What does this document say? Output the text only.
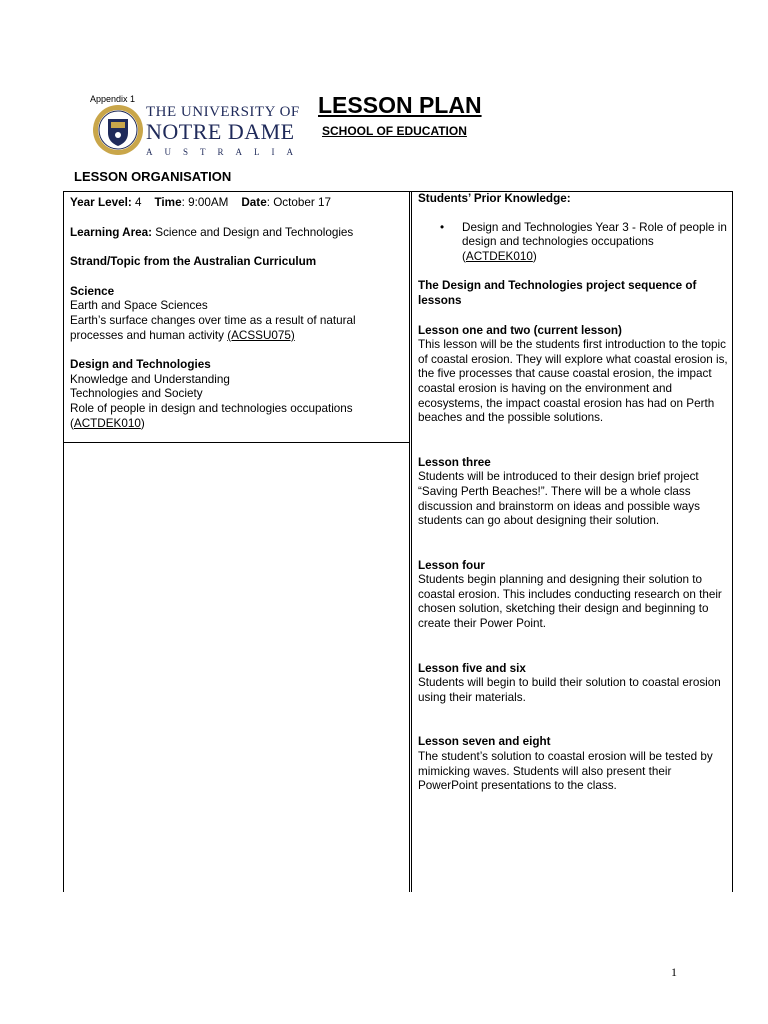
Appendix 1
THE UNIVERSITY OF
NOTRE DAME
AUSTRALIA
LESSON PLAN
SCHOOL OF EDUCATION
LESSON ORGANISATION

Year Level: 4 Time: 9:00AM Date: October 17

Learning Area: Science and Design and Technologies

Strand/Topic from the Australian Curriculum

Science

Earth and Space Sciences

Earth’s surface changes over time as a result of natural processes and human activity (ACSSU075)

Design and Technologies

Knowledge and Understanding

Technologies and Society

Role of people in design and technologies occupations

(ACTDEK010)

Students’ Prior Knowledge:

• Design and Technologies Year 3 - Role of people in design and technologies occupations
(ACTDEK010)

The Design and Technologies project sequence of lessons

Lesson one and two (current lesson)

This lesson will be the students first introduction to the topic of coastal erosion. They will explore what coastal erosion is, the five processes that cause coastal erosion, the impact coastal erosion is having on the environment and ecosystems, the impact coastal erosion has had on Perth beaches and the possible solutions.

Lesson three

Students will be introduced to their design brief project “Saving Perth Beaches!”. There will be a whole class discussion and brainstorm on ideas and possible ways students can go about designing their solution.

Lesson four

Students begin planning and designing their solution to coastal erosion. This includes conducting research on their chosen solution, sketching their design and beginning to create their Power Point.

Lesson five and six

Students will begin to build their solution to coastal erosion using their materials.

Lesson seven and eight

The student’s solution to coastal erosion will be tested by mimicking waves. Students will also present their PowerPoint presentations to the class.

1
